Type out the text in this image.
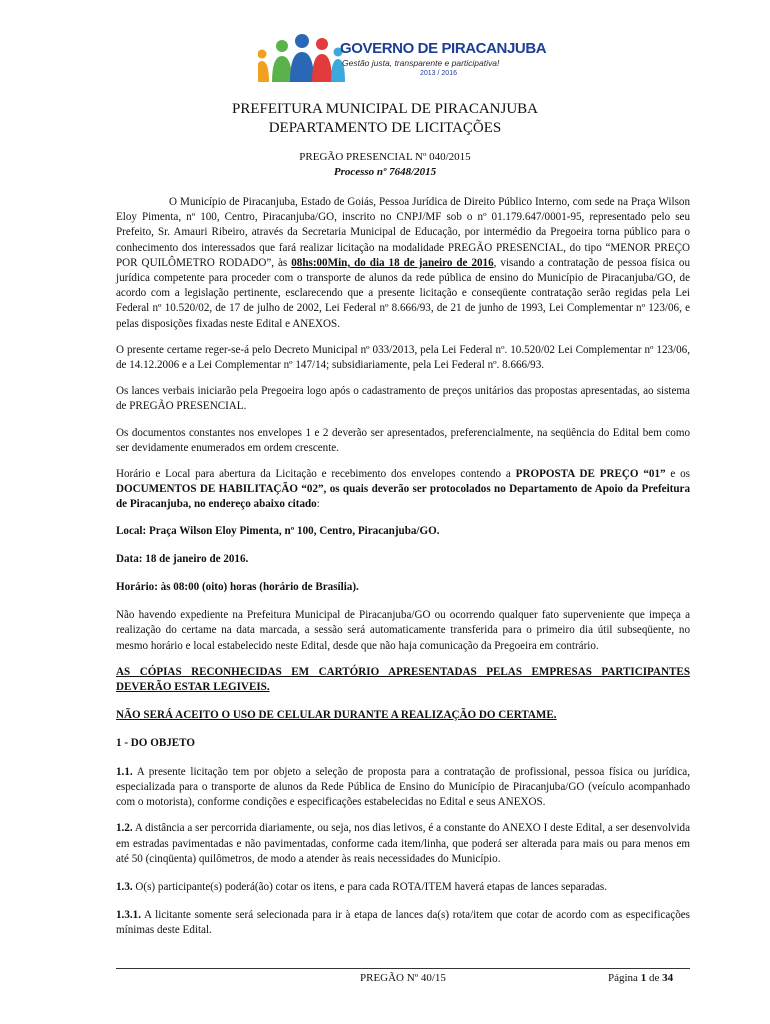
GOVERNO DE PIRACANJUBA
Gestão justa, transparente e participativa!
2013 / 2016
PREFEITURA MUNICIPAL DE PIRACANJUBA
DEPARTAMENTO DE LICITAÇÕES
PREGÃO PRESENCIAL Nº 040/2015
Processo nº 7648/2015

O Município de Piracanjuba, Estado de Goiás, Pessoa Jurídica de Direito Público Interno, com sede na Praça Wilson Eloy Pimenta, nº 100, Centro, Piracanjuba/GO, inscrito no CNPJ/MF sob o nº 01.179.647/0001-95, representado pelo seu Prefeito, Sr. Amauri Ribeiro, através da Secretaria Municipal de Educação, por intermédio da Pregoeira torna público para o conhecimento dos interessados que fará realizar licitação na modalidade PREGÃO PRESENCIAL, do tipo “MENOR PREÇO POR QUILÔMETRO RODADO”, às 08hs:00Min, do dia 18 de janeiro de 2016, visando a contratação de pessoa física ou jurídica competente para proceder com o transporte de alunos da rede pública de ensino do Município de Piracanjuba/GO, de acordo com a legislação pertinente, esclarecendo que a presente licitação e conseqüente contratação serão regidas pela Lei Federal nº 10.520/02, de 17 de julho de 2002, Lei Federal nº 8.666/93, de 21 de junho de 1993, Lei Complementar nº 123/06, e pelas disposições fixadas neste Edital e ANEXOS.

O presente certame reger-se-á pelo Decreto Municipal nº 033/2013, pela Lei Federal nº. 10.520/02 Lei Complementar nº 123/06, de 14.12.2006 e a Lei Complementar nº 147/14; subsidiariamente, pela Lei Federal nº. 8.666/93.

Os lances verbais iniciarão pela Pregoeira logo após o cadastramento de preços unitários das propostas apresentadas, ao sistema de PREGÃO PRESENCIAL.

Os documentos constantes nos envelopes 1 e 2 deverão ser apresentados, preferencialmente, na seqüência do Edital bem como ser devidamente enumerados em ordem crescente.

Horário e Local para abertura da Licitação e recebimento dos envelopes contendo a PROPOSTA DE PREÇO “01” e os DOCUMENTOS DE HABILITAÇÃO “02”, os quais deverão ser protocolados no Departamento de Apoio da Prefeitura de Piracanjuba, no endereço abaixo citado:

Local: Praça Wilson Eloy Pimenta, nº 100, Centro, Piracanjuba/GO.

Data: 18 de janeiro de 2016.

Horário: às 08:00 (oito) horas (horário de Brasília).

Não havendo expediente na Prefeitura Municipal de Piracanjuba/GO ou ocorrendo qualquer fato superveniente que impeça a realização do certame na data marcada, a sessão será automaticamente transferida para o primeiro dia útil subseqüente, no mesmo horário e local estabelecido neste Edital, desde que não haja comunicação da Pregoeira em contrário.

AS CÓPIAS RECONHECIDAS EM CARTÓRIO APRESENTADAS PELAS EMPRESAS PARTICIPANTES DEVERÃO ESTAR LEGIVEIS.

NÃO SERÁ ACEITO O USO DE CELULAR DURANTE A REALIZAÇÃO DO CERTAME.

1 - DO OBJETO

1.1. A presente licitação tem por objeto a seleção de proposta para a contratação de profissional, pessoa física ou jurídica, especializada para o transporte de alunos da Rede Pública de Ensino do Município de Piracanjuba/GO (veículo acompanhado com o motorista), conforme condições e especificações estabelecidas no Edital e seus ANEXOS.

1.2. A distância a ser percorrida diariamente, ou seja, nos dias letivos, é a constante do ANEXO I deste Edital, a ser desenvolvida em estradas pavimentadas e não pavimentadas, conforme cada item/linha, que poderá ser alterada para mais ou para menos em até 50 (cinqüenta) quilômetros, de modo a atender às reais necessidades do Município.

1.3. O(s) participante(s) poderá(ão) cotar os itens, e para cada ROTA/ITEM haverá etapas de lances separadas.

1.3.1. A licitante somente será selecionada para ir à etapa de lances da(s) rota/item que cotar de acordo com as especificações mínimas deste Edital.

PREGÃO Nº 40/15	Página 1 de 34
